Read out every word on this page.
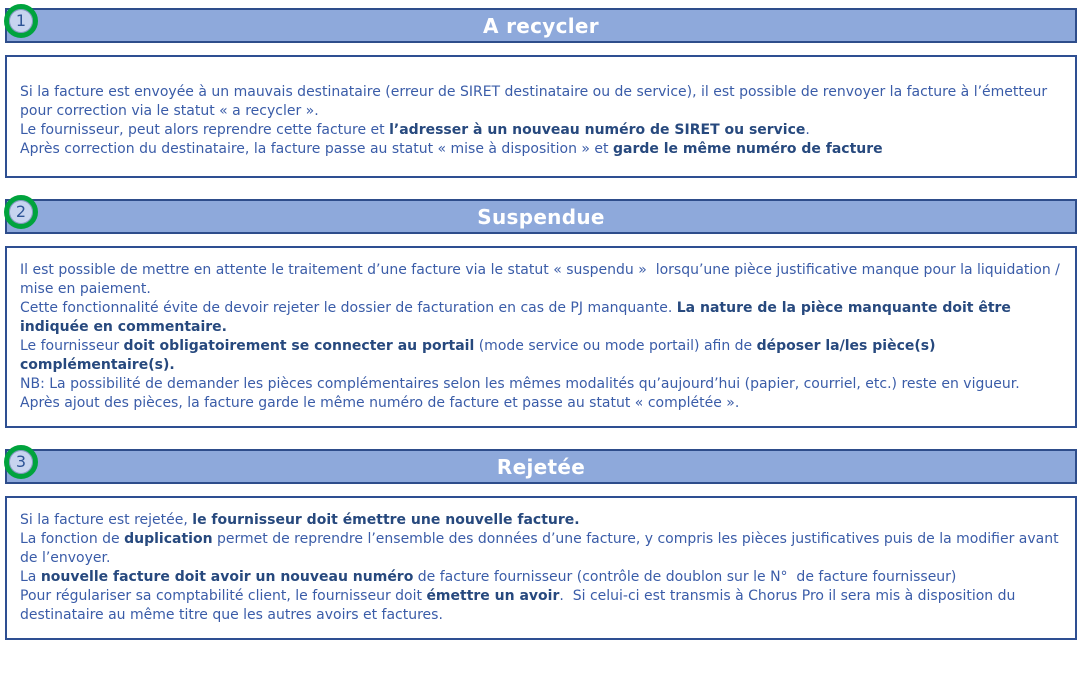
1	A recycler

Si la facture est envoyée à un mauvais destinataire (erreur de SIRET destinataire ou de service), il est possible de renvoyer la facture à l’émetteur pour correction via le statut « a recycler ».

Le fournisseur, peut alors reprendre cette facture et l’adresser à un nouveau numéro de SIRET ou service.

Après correction du destinataire, la facture passe au statut « mise à disposition » et garde le même numéro de facture

2	Suspendue

Il est possible de mettre en attente le traitement d’une facture via le statut « suspendu »  lorsqu’une pièce justificative manque pour la liquidation / mise en paiement.

Cette fonctionnalité évite de devoir rejeter le dossier de facturation en cas de PJ manquante. La nature de la pièce manquante doit être indiquée en commentaire.

Le fournisseur doit obligatoirement se connecter au portail (mode service ou mode portail) afin de déposer la/les pièce(s) complémentaire(s).

NB: La possibilité de demander les pièces complémentaires selon les mêmes modalités qu’aujourd’hui (papier, courriel, etc.) reste en vigueur.

Après ajout des pièces, la facture garde le même numéro de facture et passe au statut « complétée ».

3	Rejetée

Si la facture est rejetée, le fournisseur doit émettre une nouvelle facture.

La fonction de duplication permet de reprendre l’ensemble des données d’une facture, y compris les pièces justificatives puis de la modifier avant de l’envoyer.

La nouvelle facture doit avoir un nouveau numéro de facture fournisseur (contrôle de doublon sur le N°  de facture fournisseur)

Pour régulariser sa comptabilité client, le fournisseur doit émettre un avoir.  Si celui-ci est transmis à Chorus Pro il sera mis à disposition du destinataire au même titre que les autres avoirs et factures.
